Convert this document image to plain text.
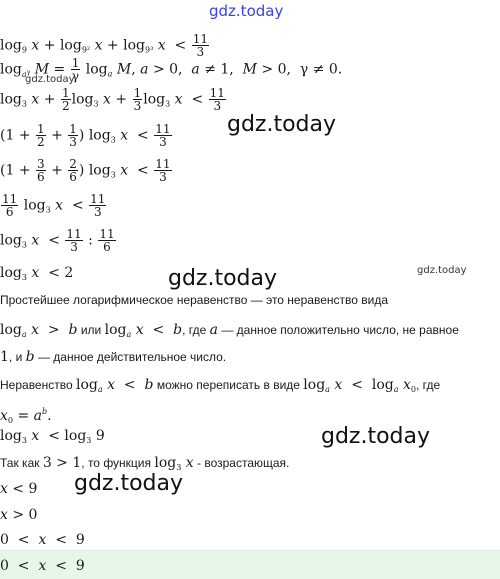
gdz.today
gdz.today
gdz.today
gdz.today	gdz.today
gdz.today
gdz.today
$\log_9 x + \log_{9^2} x + \log_{9^3} x < \frac{11}{3}$
$\log_{a^\gamma} M = \frac{1}{\gamma} \log_a M$, a > 0,  a ≠ 1,  M > 0,  γ ≠ 0.
$\log_3 x + \frac{1}{2} \log_3 x + \frac{1}{3} \log_3 x < \frac{11}{3}$
($1 + \frac{1}{2} + \frac{1}{3}$ ) $\log_3 x < \frac{11}{3}$
($1 + \frac{3}{6} + \frac{2}{6}$ ) $\log_3 x < \frac{11}{3}$
$\frac{11}{6} \log_3 x < \frac{11}{3}$
$\log_3 x < \frac{11}{3}$ : $\frac{11}{6}$
$\log_3 x < 2$
Простейшее логарифмическое неравенство — это неравенство вида
$\log_a x > b$ или $\log_a x < b$, где a — данное положительно число, не равное
1, и b — данное действительное число.
Неравенство $\log_a x < b$ можно переписать в виде $\log_a x < \log_a x_0$, где
$x_0 = a^b$.
$\log_3 x < \log_3 9$
Так как 3 > 1, то функция $\log_3 x$ - возрастающая.
x < 9
x > 0
0  <  x  <  9
0  <  x  <  9
